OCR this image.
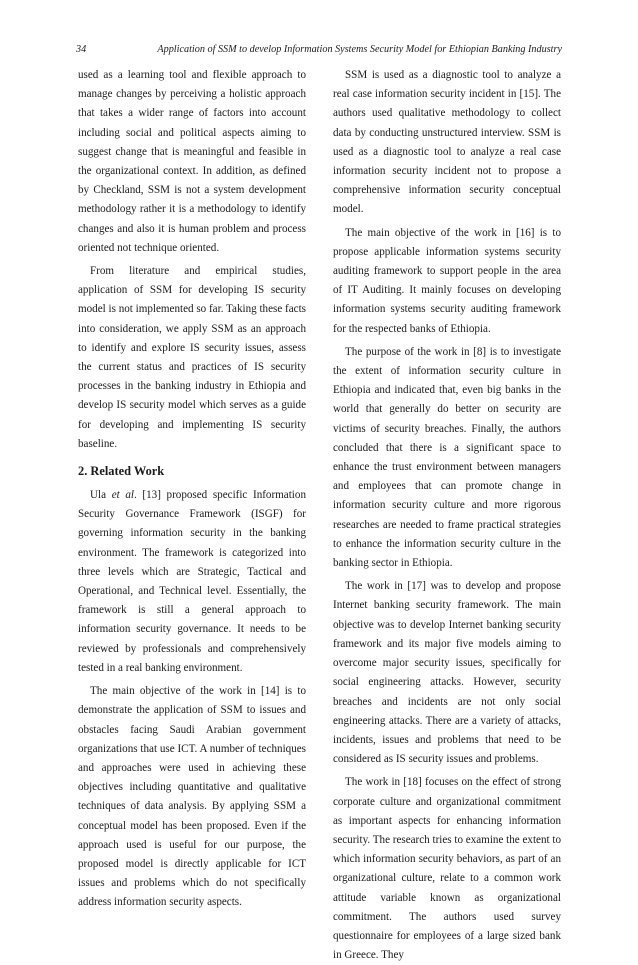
34	Application of SSM to develop Information Systems Security Model for Ethiopian Banking Industry

used as a learning tool and flexible approach to manage changes by perceiving a holistic approach that takes a wider range of factors into account including social and political aspects aiming to suggest change that is meaningful and feasible in the organizational context. In addition, as defined by Checkland, SSM is not a system development methodology rather it is a methodology to identify changes and also it is human problem and process oriented not technique oriented.

From literature and empirical studies, application of SSM for developing IS security model is not implemented so far. Taking these facts into consideration, we apply SSM as an approach to identify and explore IS security issues, assess the current status and practices of IS security processes in the banking industry in Ethiopia and develop IS security model which serves as a guide for developing and implementing IS security baseline.

2. Related Work

Ula et al. [13] proposed specific Information Security Governance Framework (ISGF) for governing information security in the banking environment. The framework is categorized into three levels which are Strategic, Tactical and Operational, and Technical level. Essentially, the framework is still a general approach to information security governance. It needs to be reviewed by professionals and comprehensively tested in a real banking environment.

The main objective of the work in [14] is to demonstrate the application of SSM to issues and obstacles facing Saudi Arabian government organizations that use ICT. A number of techniques and approaches were used in achieving these objectives including quantitative and qualitative techniques of data analysis. By applying SSM a conceptual model has been proposed. Even if the approach used is useful for our purpose, the proposed model is directly applicable for ICT issues and problems which do not specifically address information security aspects.

SSM is used as a diagnostic tool to analyze a real case information security incident in [15]. The authors used qualitative methodology to collect data by conducting unstructured interview. SSM is used as a diagnostic tool to analyze a real case information security incident not to propose a comprehensive information security conceptual model.

The main objective of the work in [16] is to propose applicable information systems security auditing framework to support people in the area of IT Auditing. It mainly focuses on developing information systems security auditing framework for the respected banks of Ethiopia.

The purpose of the work in [8] is to investigate the extent of information security culture in Ethiopia and indicated that, even big banks in the world that generally do better on security are victims of security breaches. Finally, the authors concluded that there is a significant space to enhance the trust environment between managers and employees that can promote change in information security culture and more rigorous researches are needed to frame practical strategies to enhance the information security culture in the banking sector in Ethiopia.

The work in [17] was to develop and propose Internet banking security framework. The main objective was to develop Internet banking security framework and its major five models aiming to overcome major security issues, specifically for social engineering attacks. However, security breaches and incidents are not only social engineering attacks. There are a variety of attacks, incidents, issues and problems that need to be considered as IS security issues and problems.

The work in [18] focuses on the effect of strong corporate culture and organizational commitment as important aspects for enhancing information security. The research tries to examine the extent to which information security behaviors, as part of an organizational culture, relate to a common work attitude variable known as organizational commitment. The authors used survey questionnaire for employees of a large sized bank in Greece. They
